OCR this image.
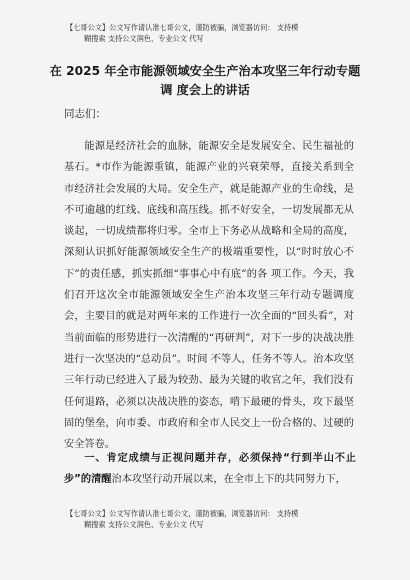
【七哥公文】公文写作请认准七哥公文，谨防被骗，浏览器访问： 支持模
糊搜索 支持公文润色、专业公文 代写
在 2025 年全市能源领域安全生产治本攻坚三年行动专题
调 度会上的讲话
同志们：

能源是经济社会的血脉，能源安全是发展安全、民生福祉的基石。*市作为能源重镇，能源产业的兴衰荣辱，直接关系到全市经济社会发展的大局。安全生产，就是能源产业的生命线，是不可逾越的红线、底线和高压线。抓不好安全，一切发展都无从谈起，一切成绩都将归零。全市上下务必从战略和全局的高度，深刻认识抓好能源领域安全生产的极端重要性，以“时时放心不下”的责任感，抓实抓细“事事心中有底”的各 项工作。今天，我们召开这次全市能源领域安全生产治本攻坚三年行动专题调度会，主要目的就是对两年来的工作进行一次全面的“回头看”，对当前面临的形势进行一次清醒的“再研判”，对下一步的决战决胜进行一次坚决的“总动员”。时间 不等人，任务不等人。治本攻坚三年行动已经进入了最为较劲、最为关键的收官之年，我们没有任何退路，必须以决战决胜的姿态，啃下最硬的骨头，攻下最坚固的堡垒，向市委、市政府和全市人民交上一份合格的、过硬的安全答卷。

一、肯定成绩与正视问题并存，必须保持“行到半山不止步”的清醒治本攻坚行动开展以来，在全市上下的共同努力下，

【七哥公文】公文写作请认准七哥公文，谨防被骗，浏览器访问： 支持模
糊搜索 支持公文润色、专业公文 代写
